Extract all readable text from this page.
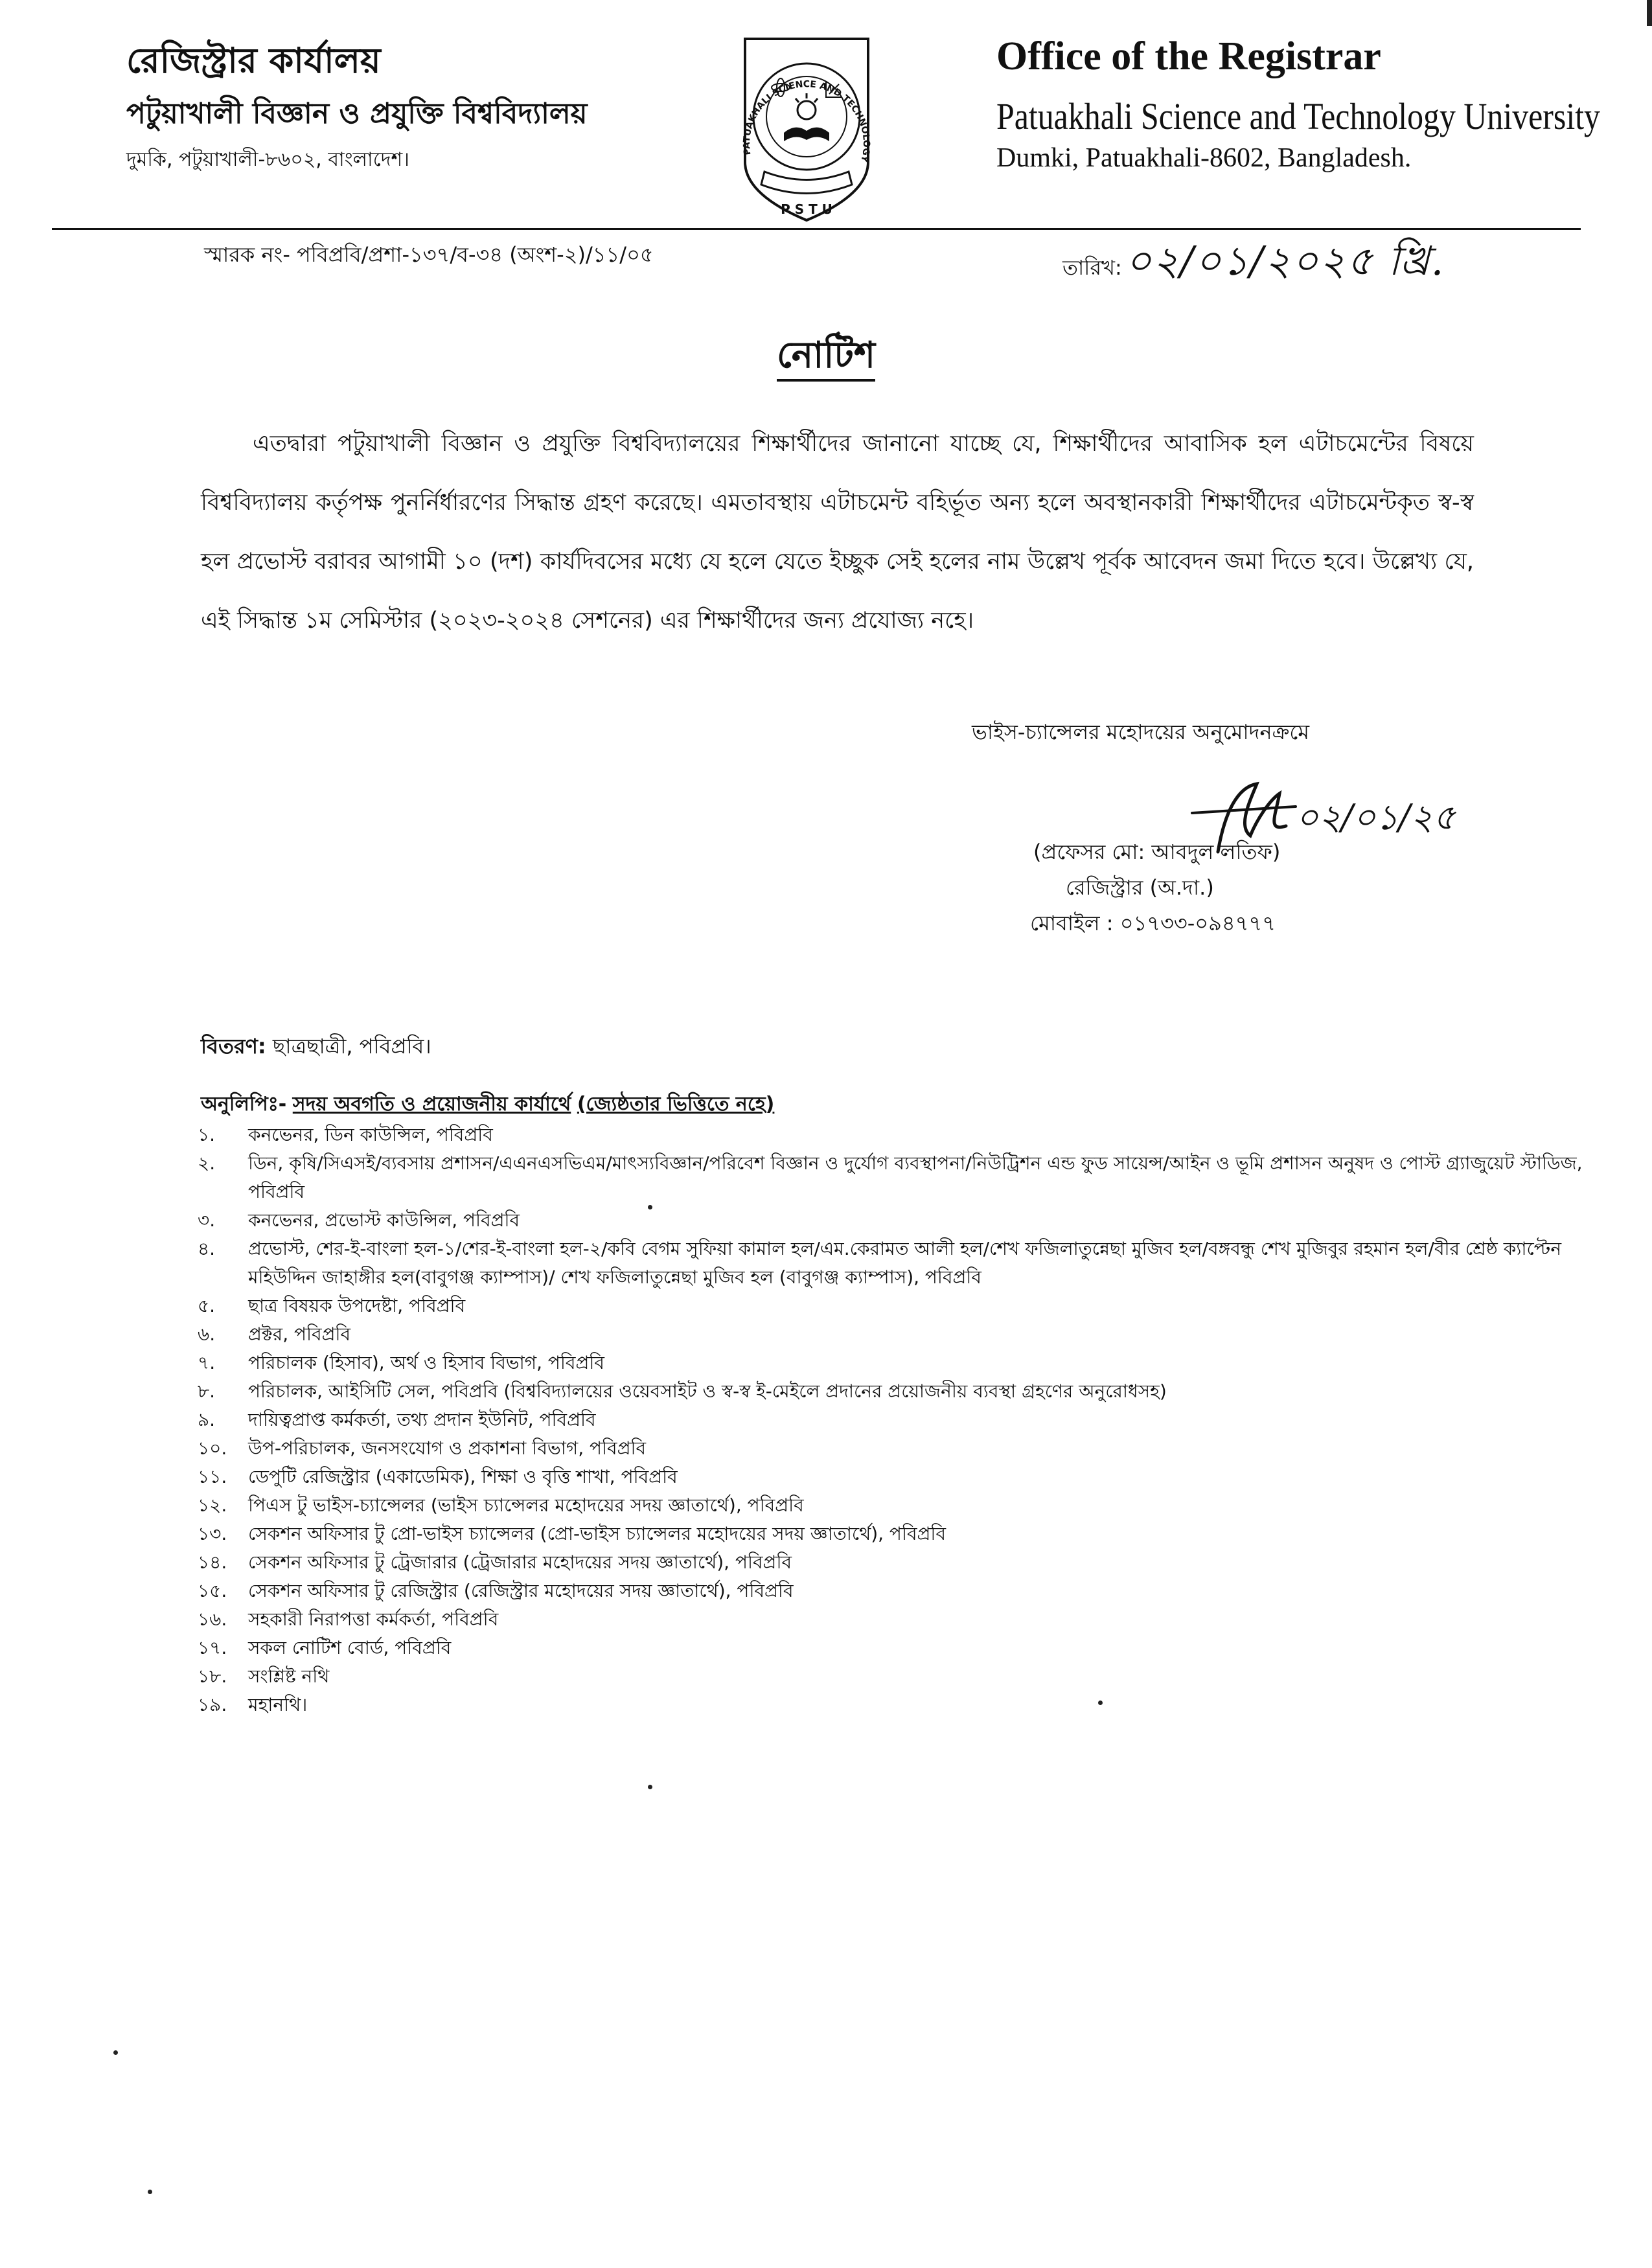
রেজিস্ট্রার কার্যালয়
পটুয়াখালী বিজ্ঞান ও প্রযুক্তি বিশ্ববিদ্যালয়
দুমকি, পটুয়াখালী-৮৬০২, বাংলাদেশ।	PATUAKHALI SCIENCE AND TECHNOLOGY
P S T U
Office of the Registrar
Patuakhali Science and Technology University
Dumki, Patuakhali-8602, Bangladesh.
স্মারক নং- পবিপ্রবি/প্রশা-১৩৭/ব-৩৪ (অংশ-২)/১১/০৫
তারিখ: ০২/০১/২০২৫ খ্রি.
নোটিশ
এতদ্বারা পটুয়াখালী বিজ্ঞান ও প্রযুক্তি বিশ্ববিদ্যালয়ের শিক্ষার্থীদের জানানো যাচ্ছে যে, শিক্ষার্থীদের আবাসিক হল এটাচমেন্টের বিষয়ে বিশ্ববিদ্যালয় কর্তৃপক্ষ পুনর্নির্ধারণের সিদ্ধান্ত গ্রহণ করেছে। এমতাবস্থায় এটাচমেন্ট বহির্ভূত অন্য হলে অবস্থানকারী শিক্ষার্থীদের এটাচমেন্টকৃত স্ব-স্ব হল প্রভোস্ট বরাবর আগামী ১০ (দশ) কার্যদিবসের মধ্যে যে হলে যেতে ইচ্ছুক সেই হলের নাম উল্লেখ পূর্বক আবেদন জমা দিতে হবে। উল্লেখ্য যে, এই সিদ্ধান্ত ১ম সেমিস্টার (২০২৩-২০২৪ সেশনের) এর শিক্ষার্থীদের জন্য প্রযোজ্য নহে।
ভাইস-চ্যান্সেলর মহোদয়ের অনুমোদনক্রমে
০২/০১/২৫
(প্রফেসর মো: আবদুল লতিফ)
রেজিস্ট্রার (অ.দা.)
মোবাইল : ০১৭৩৩-০৯৪৭৭৭
বিতরণ: ছাত্রছাত্রী, পবিপ্রবি।
অনুলিপিঃ- সদয় অবগতি ও প্রয়োজনীয় কার্যার্থে (জ্যেষ্ঠতার ভিত্তিতে নহে)
১.	কনভেনর, ডিন কাউন্সিল, পবিপ্রবি
২.	ডিন, কৃষি/সিএসই/ব্যবসায় প্রশাসন/এএনএসভিএম/মাৎস্যবিজ্ঞান/পরিবেশ বিজ্ঞান ও দুর্যোগ ব্যবস্থাপনা/নিউট্রিশন এন্ড ফুড সায়েন্স/আইন ও ভূমি প্রশাসন অনুষদ ও পোস্ট গ্র্যাজুয়েট স্টাডিজ, পবিপ্রবি
৩.	কনভেনর, প্রভোস্ট কাউন্সিল, পবিপ্রবি
৪.	প্রভোস্ট, শের-ই-বাংলা হল-১/শের-ই-বাংলা হল-২/কবি বেগম সুফিয়া কামাল হল/এম.কেরামত আলী হল/শেখ ফজিলাতুন্নেছা মুজিব হল/বঙ্গবন্ধু শেখ মুজিবুর রহমান হল/বীর শ্রেষ্ঠ ক্যাপ্টেন মহিউদ্দিন জাহাঙ্গীর হল(বাবুগঞ্জ ক্যাম্পাস)/ শেখ ফজিলাতুন্নেছা মুজিব হল (বাবুগঞ্জ ক্যাম্পাস), পবিপ্রবি
৫.	ছাত্র বিষয়ক উপদেষ্টা, পবিপ্রবি
৬.	প্রক্টর, পবিপ্রবি
৭.	পরিচালক (হিসাব), অর্থ ও হিসাব বিভাগ, পবিপ্রবি
৮.	পরিচালক, আইসিটি সেল, পবিপ্রবি (বিশ্ববিদ্যালয়ের ওয়েবসাইট ও স্ব-স্ব ই-মেইলে প্রদানের প্রয়োজনীয় ব্যবস্থা গ্রহণের অনুরোধসহ)
৯.	দায়িত্বপ্রাপ্ত কর্মকর্তা, তথ্য প্রদান ইউনিট, পবিপ্রবি
১০.	উপ-পরিচালক, জনসংযোগ ও প্রকাশনা বিভাগ, পবিপ্রবি
১১.	ডেপুটি রেজিস্ট্রার (একাডেমিক), শিক্ষা ও বৃত্তি শাখা, পবিপ্রবি
১২.	পিএস টু ভাইস-চ্যান্সেলর (ভাইস চ্যান্সেলর মহোদয়ের সদয় জ্ঞাতার্থে), পবিপ্রবি
১৩.	সেকশন অফিসার টু প্রো-ভাইস চ্যান্সেলর (প্রো-ভাইস চ্যান্সেলর মহোদয়ের সদয় জ্ঞাতার্থে), পবিপ্রবি
১৪.	সেকশন অফিসার টু ট্রেজারার (ট্রেজারার মহোদয়ের সদয় জ্ঞাতার্থে), পবিপ্রবি
১৫.	সেকশন অফিসার টু রেজিস্ট্রার (রেজিস্ট্রার মহোদয়ের সদয় জ্ঞাতার্থে), পবিপ্রবি
১৬.	সহকারী নিরাপত্তা কর্মকর্তা, পবিপ্রবি
১৭.	সকল নোটিশ বোর্ড, পবিপ্রবি
১৮.	সংশ্লিষ্ট নথি
১৯.	মহানথি।
